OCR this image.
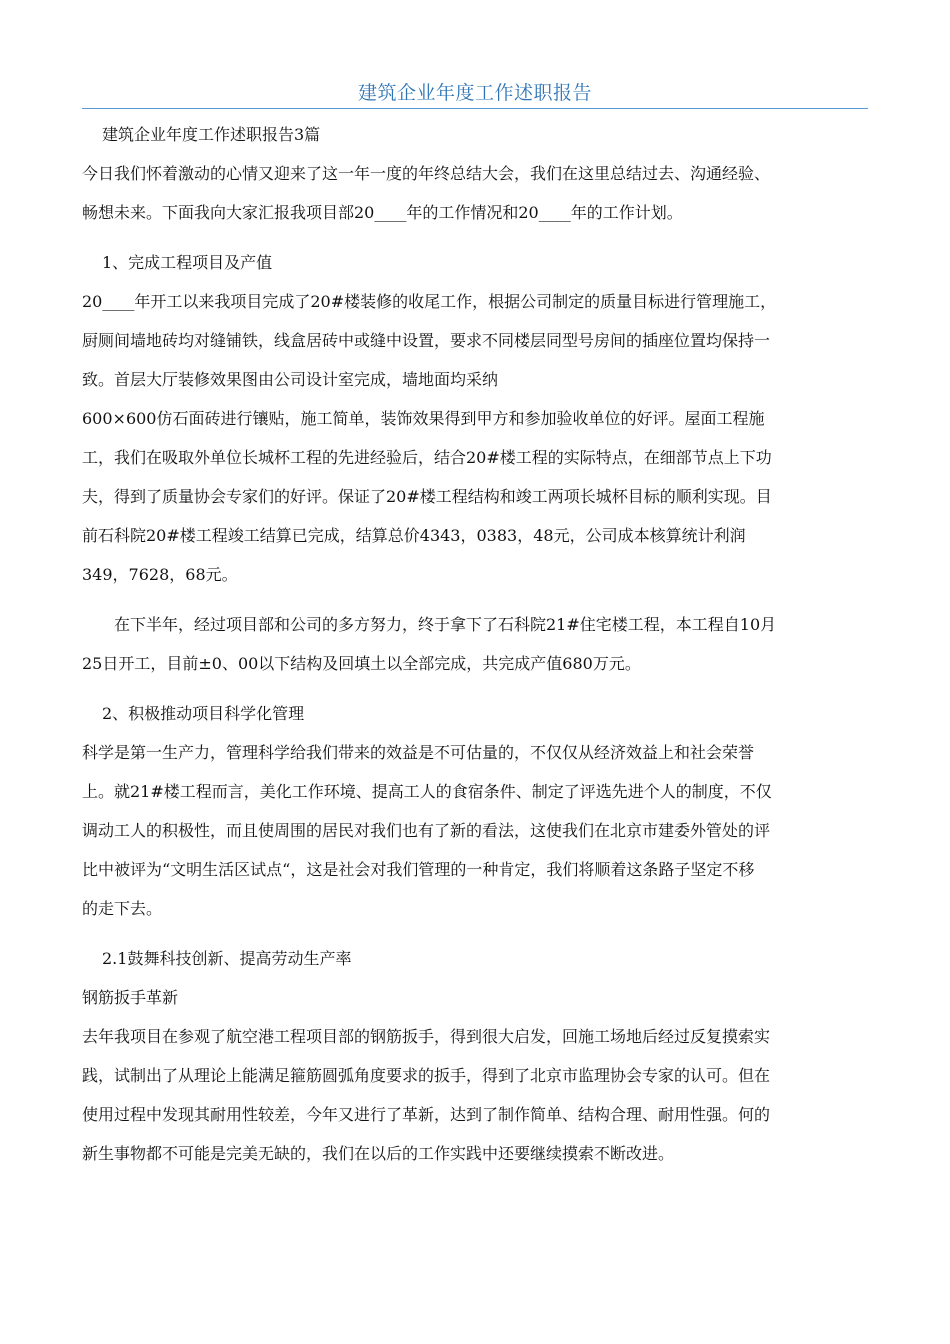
建筑企业年度工作述职报告
建筑企业年度工作述职报告3篇
今日我们怀着激动的心情又迎来了这一年一度的年终总结大会，我们在这里总结过去、沟通经验、
畅想未来。下面我向大家汇报我项目部20____年的工作情况和20____年的工作计划。
1、完成工程项目及产值
20____年开工以来我项目完成了20#楼装修的收尾工作，根据公司制定的质量目标进行管理施工，
厨厕间墙地砖均对缝铺铁，线盒居砖中或缝中设置，要求不同楼层同型号房间的插座位置均保持一
致。首层大厅装修效果图由公司设计室完成，墙地面均采纳
600×600仿石面砖进行镶贴，施工简单，装饰效果得到甲方和参加验收单位的好评。屋面工程施
工，我们在吸取外单位长城杯工程的先进经验后，结合20#楼工程的实际特点，在细部节点上下功
夫，得到了质量协会专家们的好评。保证了20#楼工程结构和竣工两项长城杯目标的顺利实现。目
前石科院20#楼工程竣工结算已完成，结算总价4343，0383，48元，公司成本核算统计利润
349，7628，68元。
在下半年，经过项目部和公司的多方努力，终于拿下了石科院21#住宅楼工程，本工程自10月
25日开工，目前±0、00以下结构及回填土以全部完成，共完成产值680万元。
2、积极推动项目科学化管理
科学是第一生产力，管理科学给我们带来的效益是不可估量的，不仅仅从经济效益上和社会荣誉
上。就21#楼工程而言，美化工作环境、提高工人的食宿条件、制定了评选先进个人的制度，不仅
调动工人的积极性，而且使周围的居民对我们也有了新的看法，这使我们在北京市建委外管处的评
比中被评为“文明生活区试点“，这是社会对我们管理的一种肯定，我们将顺着这条路子坚定不移
的走下去。
2.1鼓舞科技创新、提高劳动生产率
钢筋扳手革新
去年我项目在参观了航空港工程项目部的钢筋扳手，得到很大启发，回施工场地后经过反复摸索实
践，试制出了从理论上能满足箍筋圆弧角度要求的扳手，得到了北京市监理协会专家的认可。但在
使用过程中发现其耐用性较差，今年又进行了革新，达到了制作简单、结构合理、耐用性强。何的
新生事物都不可能是完美无缺的，我们在以后的工作实践中还要继续摸索不断改进。
